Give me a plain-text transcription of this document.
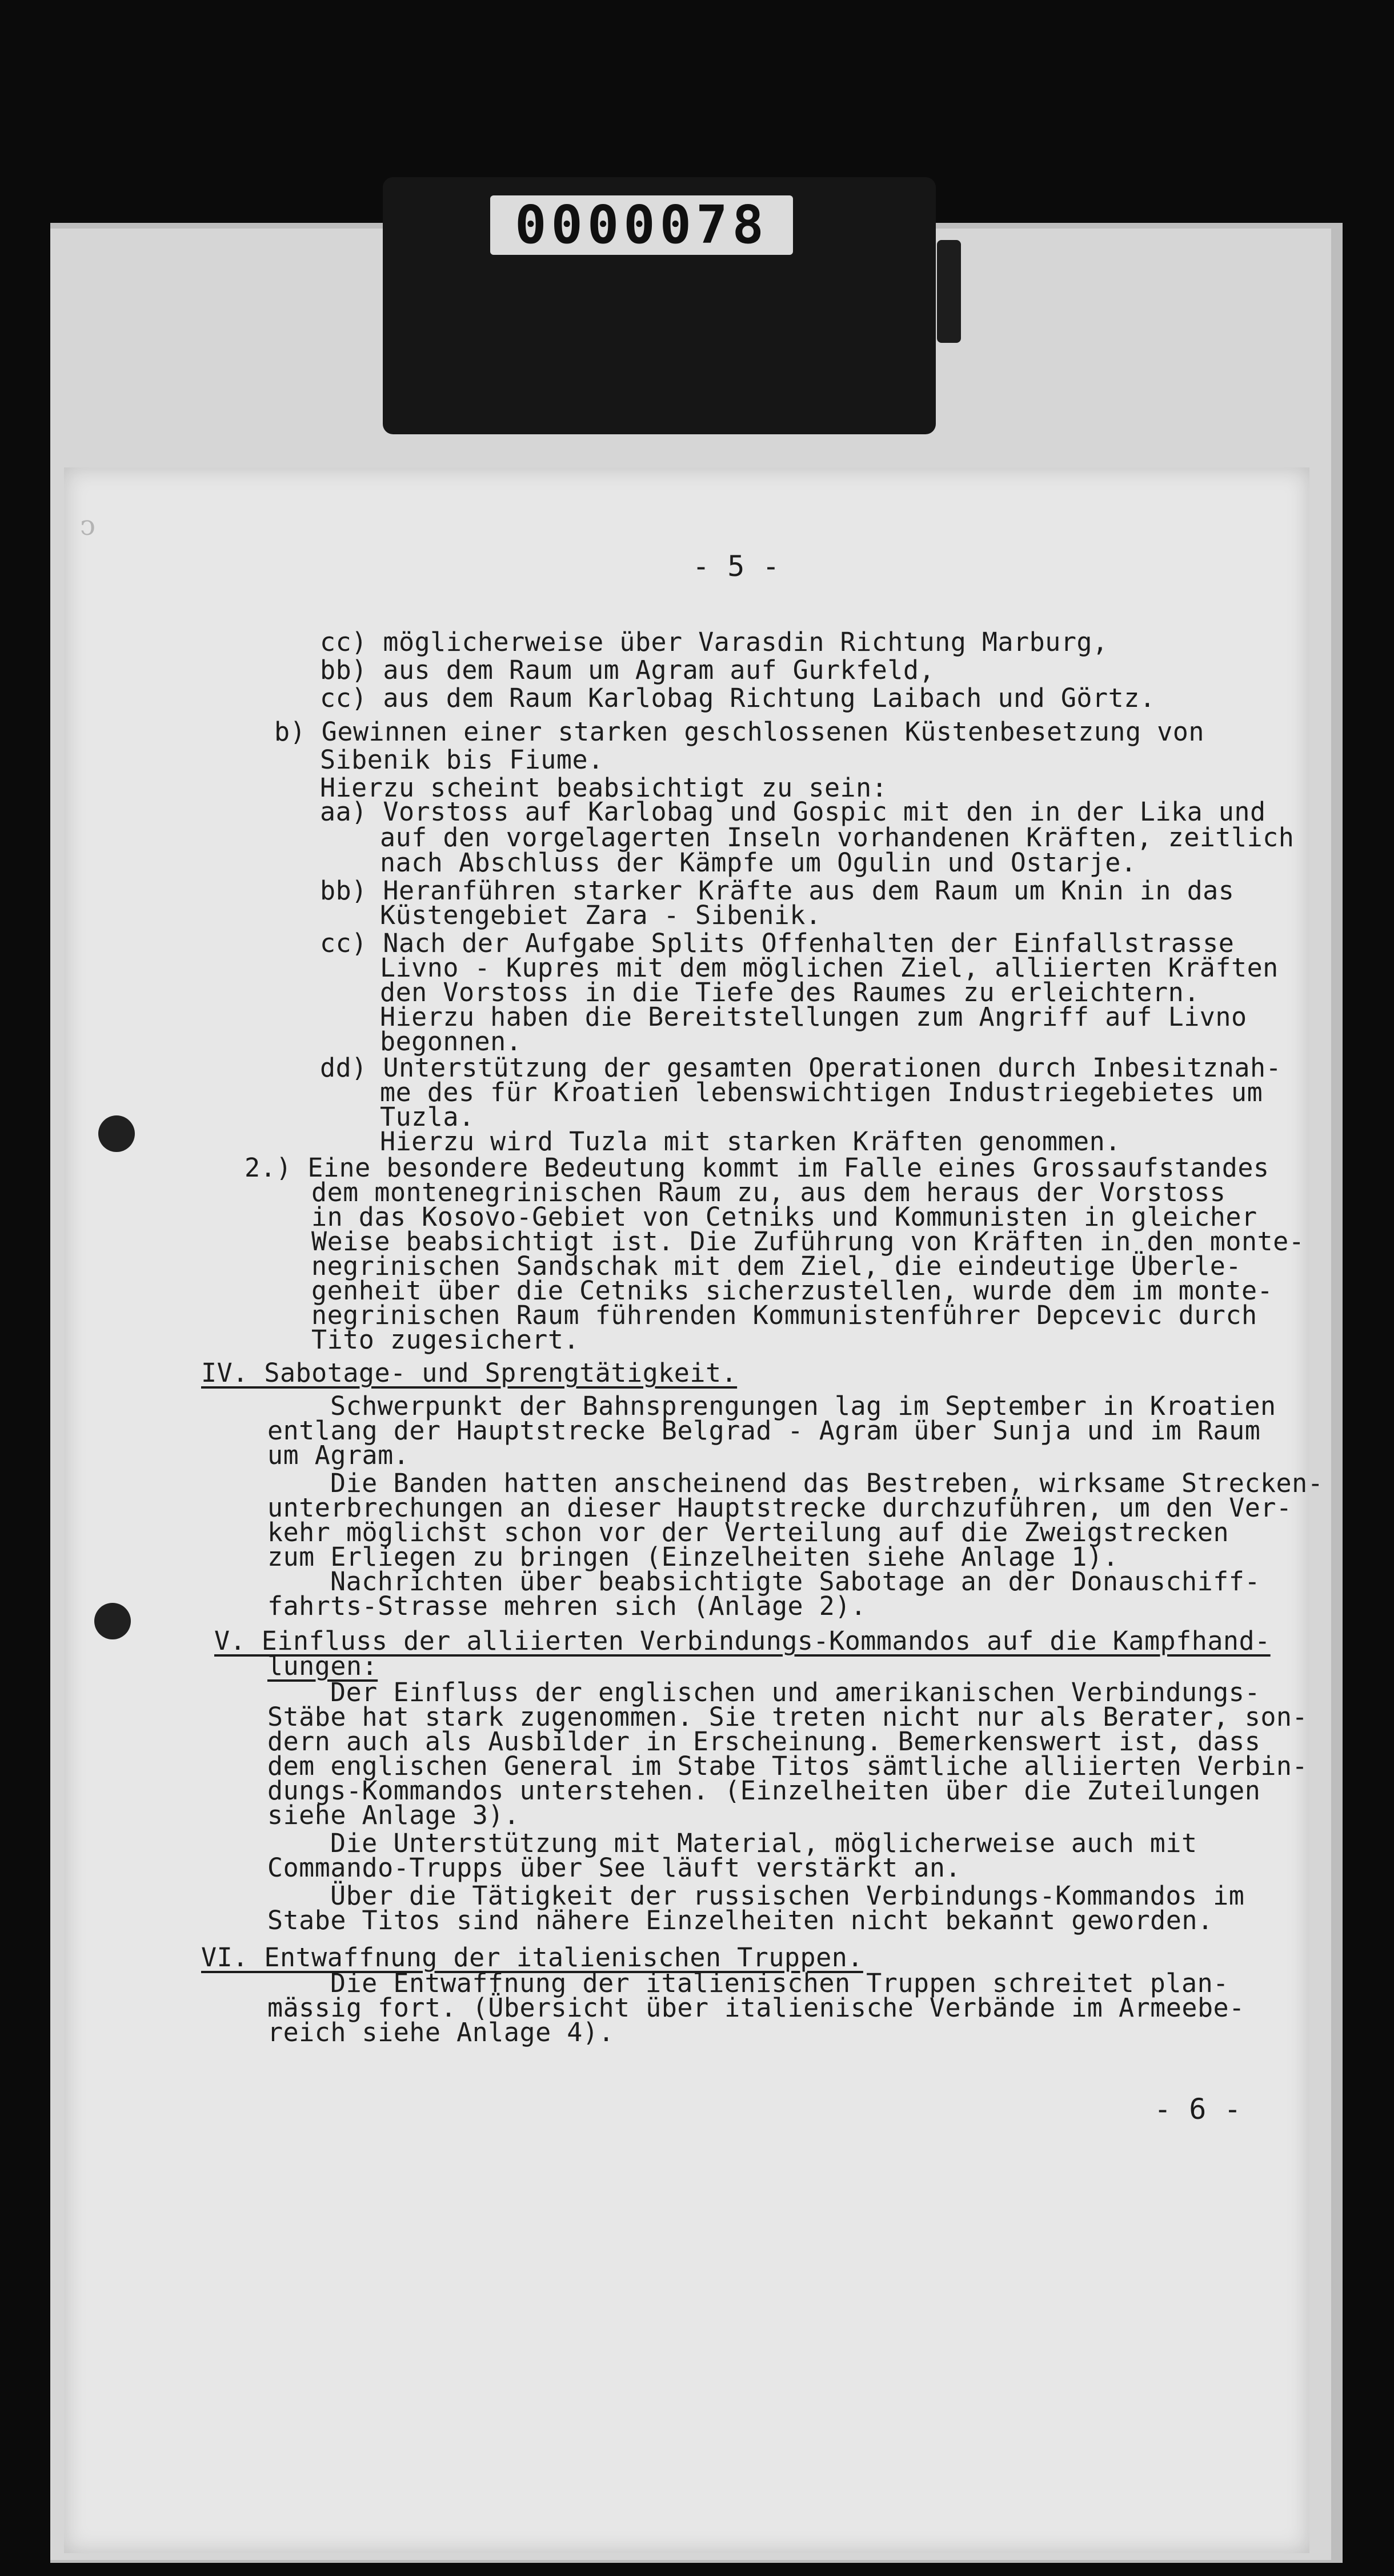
0000078
ↄ

- 5 -

cc) möglicherweise über Varasdin Richtung Marburg,

bb) aus dem Raum um Agram auf Gurkfeld,

cc) aus dem Raum Karlobag Richtung Laibach und Görtz.

b) Gewinnen einer starken geschlossenen Küstenbesetzung von

Sibenik bis Fiume.

Hierzu scheint beabsichtigt zu sein:

aa) Vorstoss auf Karlobag und Gospic mit den in der Lika und

auf den vorgelagerten Inseln vorhandenen Kräften, zeitlich

nach Abschluss der Kämpfe um Ogulin und Ostarje.

bb) Heranführen starker Kräfte aus dem Raum um Knin in das

Küstengebiet Zara - Sibenik.

cc) Nach der Aufgabe Splits Offenhalten der Einfallstrasse

Livno - Kupres mit dem möglichen Ziel, alliierten Kräften

den Vorstoss in die Tiefe des Raumes zu erleichtern.

Hierzu haben die Bereitstellungen zum Angriff auf Livno

begonnen.

dd) Unterstützung der gesamten Operationen durch Inbesitznah-

me des für Kroatien lebenswichtigen Industriegebietes um

Tuzla.

Hierzu wird Tuzla mit starken Kräften genommen.

2.) Eine besondere Bedeutung kommt im Falle eines Grossaufstandes

dem montenegrinischen Raum zu, aus dem heraus der Vorstoss

in das Kosovo-Gebiet von Cetniks und Kommunisten in gleicher

Weise beabsichtigt ist. Die Zuführung von Kräften in den monte-

negrinischen Sandschak mit dem Ziel, die eindeutige Überle-

genheit über die Cetniks sicherzustellen, wurde dem im monte-

negrinischen Raum führenden Kommunistenführer Depcevic durch

Tito zugesichert.

IV. Sabotage- und Sprengtätigkeit.

Schwerpunkt der Bahnsprengungen lag im September in Kroatien

entlang der Hauptstrecke Belgrad - Agram über Sunja und im Raum

um Agram.

Die Banden hatten anscheinend das Bestreben, wirksame Strecken-

unterbrechungen an dieser Hauptstrecke durchzuführen, um den Ver-

kehr möglichst schon vor der Verteilung auf die Zweigstrecken

zum Erliegen zu bringen (Einzelheiten siehe Anlage 1).

Nachrichten über beabsichtigte Sabotage an der Donauschiff-

fahrts-Strasse mehren sich (Anlage 2).

V. Einfluss der alliierten Verbindungs-Kommandos auf die Kampfhand-

lungen:

Der Einfluss der englischen und amerikanischen Verbindungs-

Stäbe hat stark zugenommen. Sie treten nicht nur als Berater, son-

dern auch als Ausbilder in Erscheinung. Bemerkenswert ist, dass

dem englischen General im Stabe Titos sämtliche alliierten Verbin-

dungs-Kommandos unterstehen. (Einzelheiten über die Zuteilungen

siehe Anlage 3).

Die Unterstützung mit Material, möglicherweise auch mit

Commando-Trupps über See läuft verstärkt an.

Über die Tätigkeit der russischen Verbindungs-Kommandos im

Stabe Titos sind nähere Einzelheiten nicht bekannt geworden.

VI. Entwaffnung der italienischen Truppen.

Die Entwaffnung der italienischen Truppen schreitet plan-

mässig fort. (Übersicht über italienische Verbände im Armeebe-

reich siehe Anlage 4).

- 6 -
